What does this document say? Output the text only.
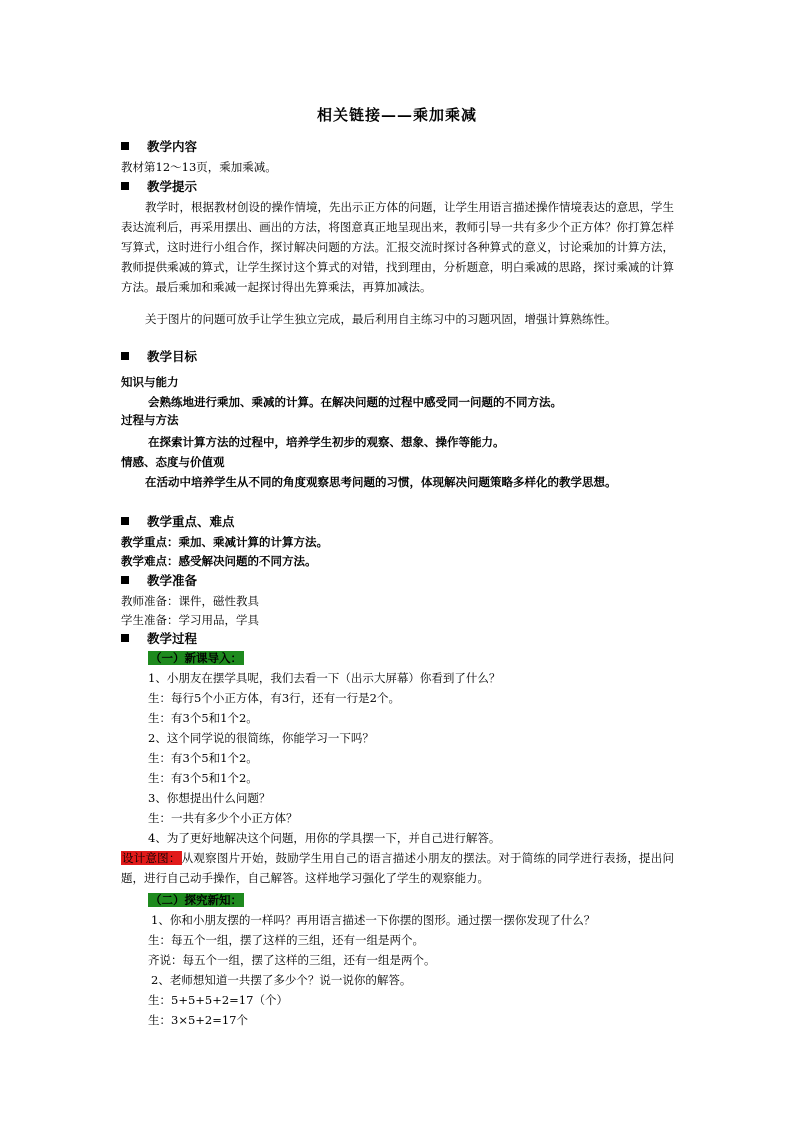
相关链接——乘加乘减
教学内容
教材第12～13页，乘加乘减。
教学提示
教学时，根据教材创设的操作情境，先出示正方体的问题，让学生用语言描述操作情境表达的意思，学生表达流利后，再采用摆出、画出的方法，将图意真正地呈现出来，教师引导一共有多少个正方体？你打算怎样写算式，这时进行小组合作，探讨解决问题的方法。汇报交流时探讨各种算式的意义，讨论乘加的计算方法，教师提供乘减的算式，让学生探讨这个算式的对错，找到理由，分析题意，明白乘减的思路，探讨乘减的计算方法。最后乘加和乘减一起探讨得出先算乘法，再算加减法。
关于图片的问题可放手让学生独立完成，最后利用自主练习中的习题巩固，增强计算熟练性。
教学目标
知识与能力
会熟练地进行乘加、乘减的计算。在解决问题的过程中感受同一问题的不同方法。
过程与方法
在探索计算方法的过程中，培养学生初步的观察、想象、操作等能力。
情感、态度与价值观
在活动中培养学生从不同的角度观察思考问题的习惯，体现解决问题策略多样化的教学思想。
教学重点、难点
教学重点：乘加、乘减计算的计算方法。
教学难点：感受解决问题的不同方法。
教学准备
教师准备：课件，磁性教具
学生准备：学习用品，学具
教学过程
（一）新课导入：
1、小朋友在摆学具呢，我们去看一下（出示大屏幕）你看到了什么？
生：每行5个小正方体，有3行，还有一行是2个。
生：有3个5和1个2。
2、这个同学说的很简练，你能学习一下吗？
生：有3个5和1个2。
生：有3个5和1个2。
3、你想提出什么问题？
生：一共有多少个小正方体？
4、为了更好地解决这个问题，用你的学具摆一下，并自己进行解答。
设计意图：从观察图片开始，鼓励学生用自己的语言描述小朋友的摆法。对于简练的同学进行表扬，提出问题，进行自己动手操作，自己解答。这样地学习强化了学生的观察能力。
（二）探究新知：
1、你和小朋友摆的一样吗？再用语言描述一下你摆的图形。通过摆一摆你发现了什么？
生：每五个一组，摆了这样的三组，还有一组是两个。
齐说：每五个一组，摆了这样的三组，还有一组是两个。
2、老师想知道一共摆了多少个？说一说你的解答。
生：5+5+5+2=17（个）
生：3×5+2=17个
